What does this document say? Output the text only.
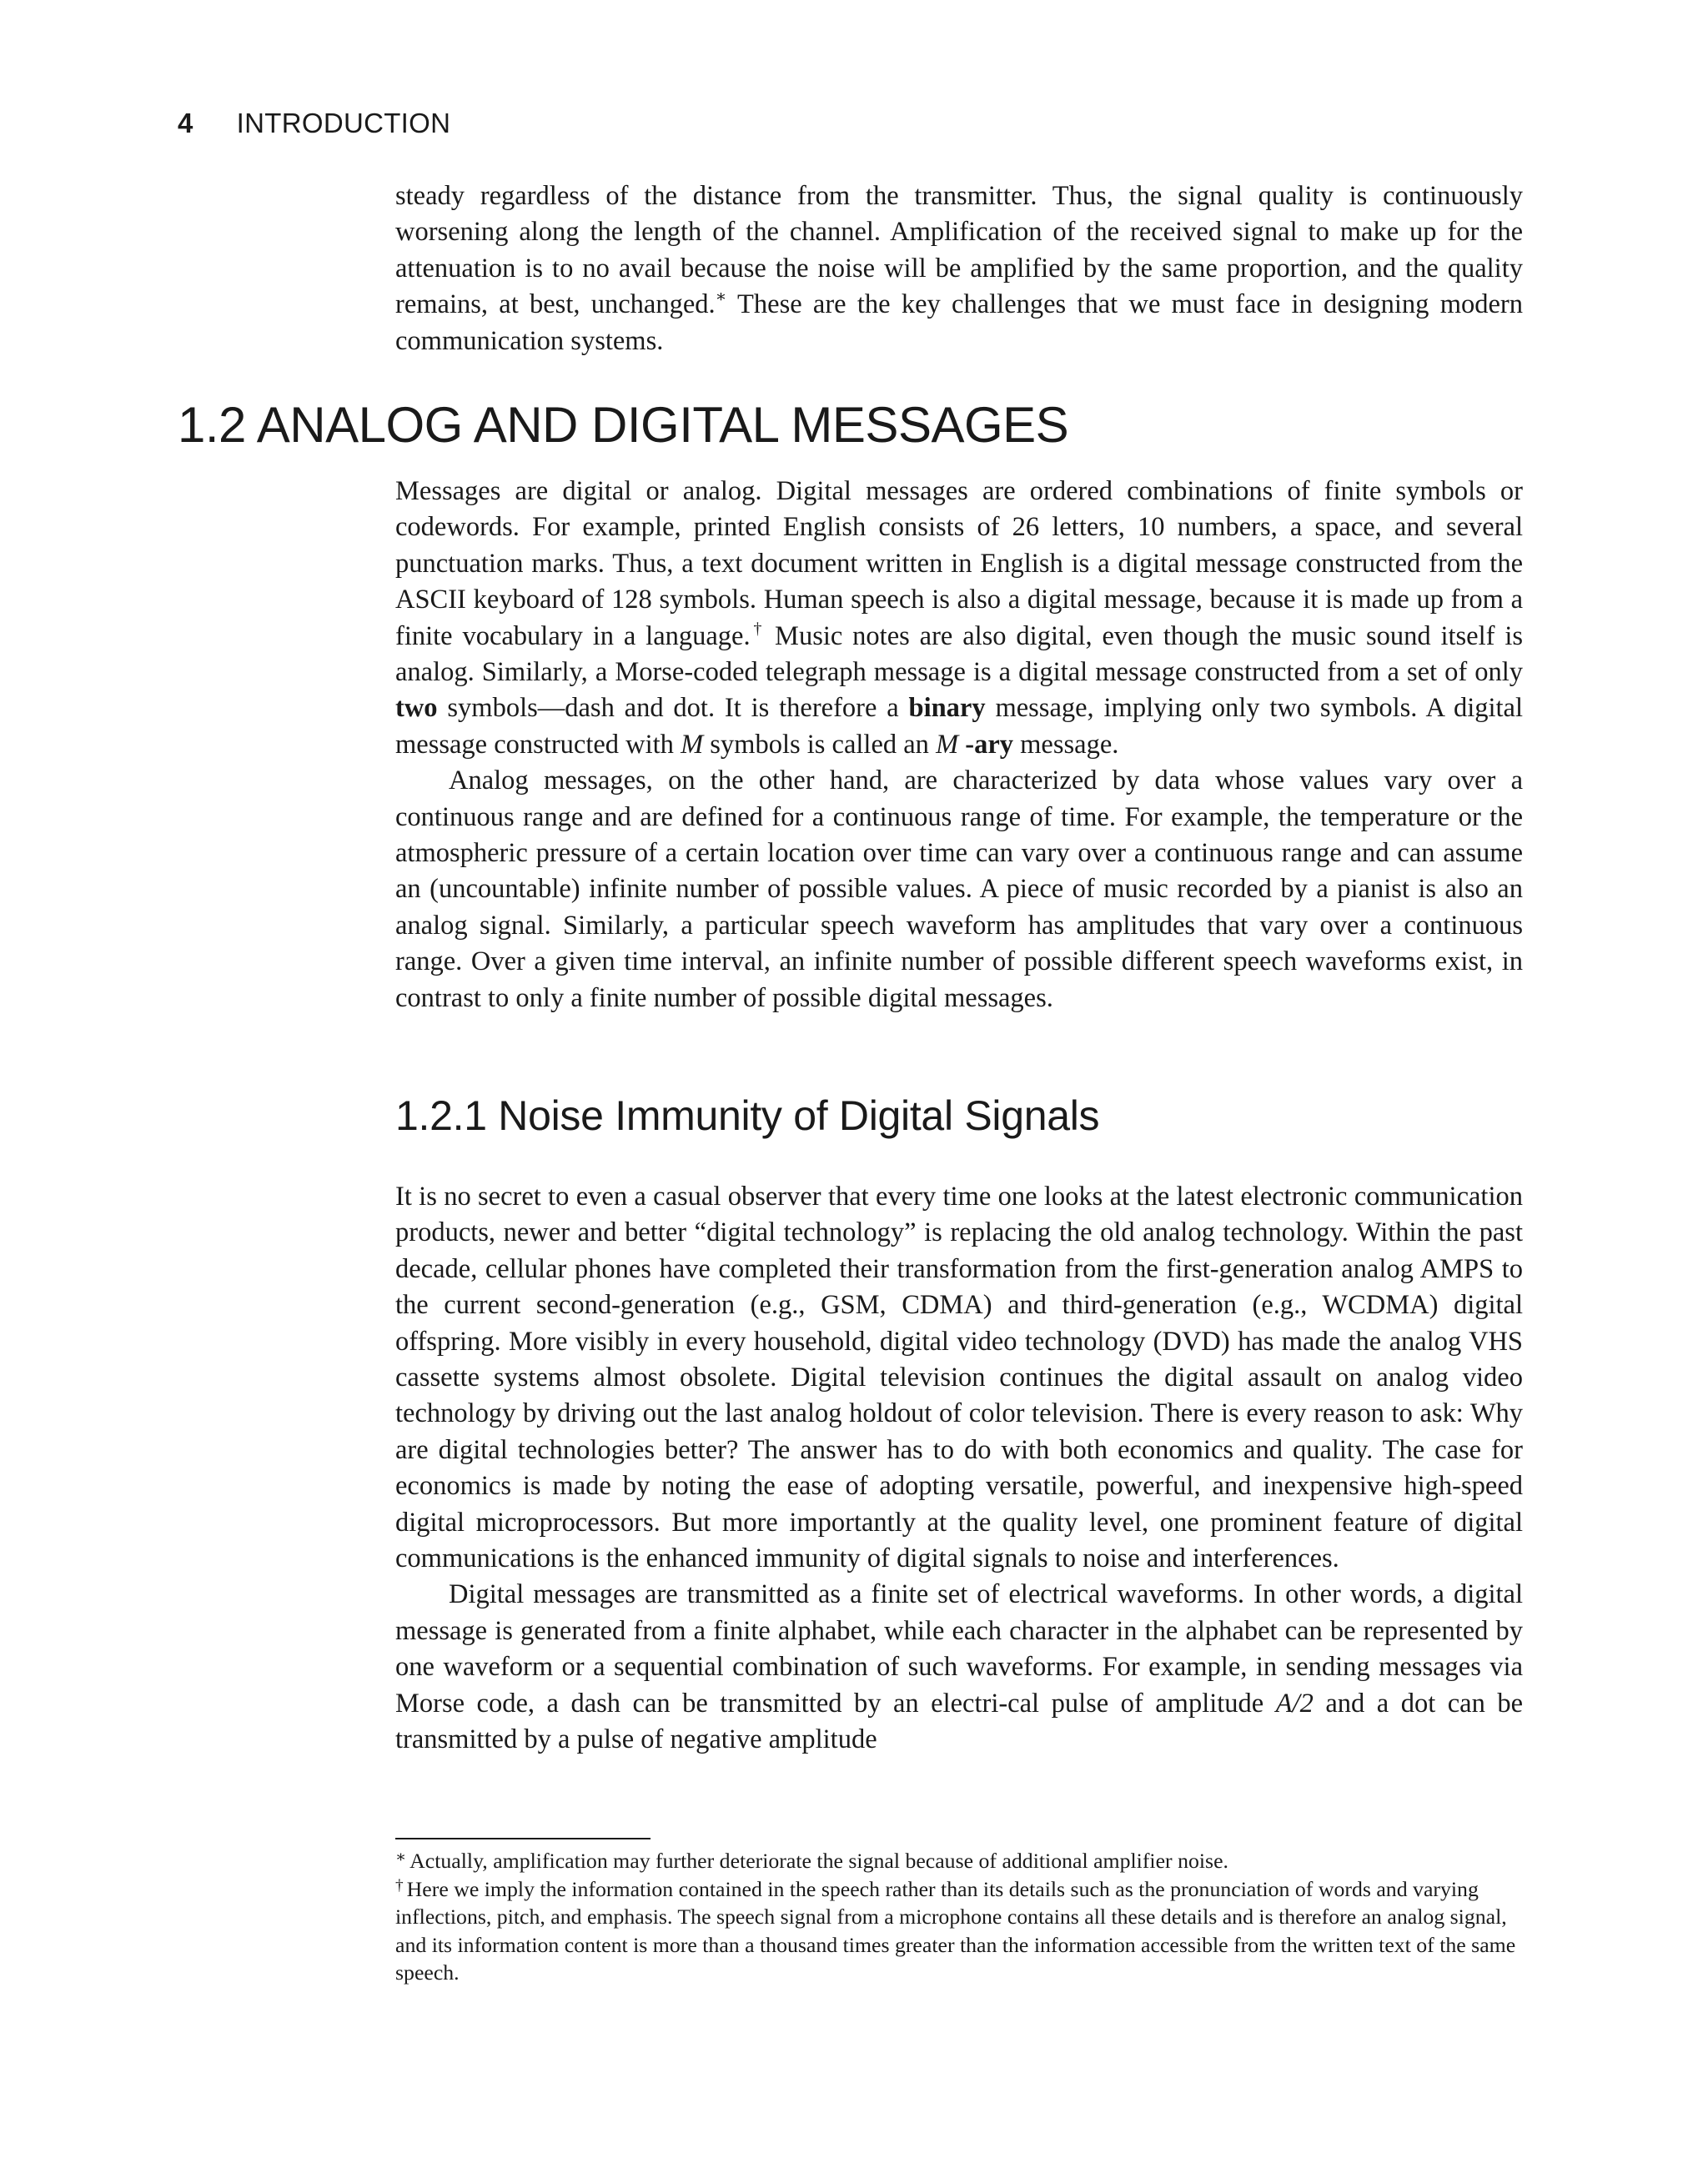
4 INTRODUCTION

steady regardless of the distance from the transmitter. Thus, the signal quality is continuously worsening along the length of the channel. Amplification of the received signal to make up for the attenuation is to no avail because the noise will be amplified by the same proportion, and the quality remains, at best, unchanged.∗ These are the key challenges that we must face in designing modern communication systems.

1.2 ANALOG AND DIGITAL MESSAGES

Messages are digital or analog. Digital messages are ordered combinations of finite symbols or codewords. For example, printed English consists of 26 letters, 10 numbers, a space, and several punctuation marks. Thus, a text document written in English is a digital message constructed from the ASCII keyboard of 128 symbols. Human speech is also a digital message, because it is made up from a finite vocabulary in a language.† Music notes are also digital, even though the music sound itself is analog. Similarly, a Morse-coded telegraph message is a digital message constructed from a set of only two symbols—dash and dot. It is therefore a binary message, implying only two symbols. A digital message constructed with M symbols is called an M -ary message.

Analog messages, on the other hand, are characterized by data whose values vary over a continuous range and are defined for a continuous range of time. For example, the temperature or the atmospheric pressure of a certain location over time can vary over a continuous range and can assume an (uncountable) infinite number of possible values. A piece of music recorded by a pianist is also an analog signal. Similarly, a particular speech waveform has amplitudes that vary over a continuous range. Over a given time interval, an infinite number of possible different speech waveforms exist, in contrast to only a finite number of possible digital messages.

1.2.1 Noise Immunity of Digital Signals

It is no secret to even a casual observer that every time one looks at the latest electronic communication products, newer and better “digital technology” is replacing the old analog technology. Within the past decade, cellular phones have completed their transformation from the first-generation analog AMPS to the current second-generation (e.g., GSM, CDMA) and third-generation (e.g., WCDMA) digital offspring. More visibly in every household, digital video technology (DVD) has made the analog VHS cassette systems almost obsolete. Digital television continues the digital assault on analog video technology by driving out the last analog holdout of color television. There is every reason to ask: Why are digital technologies better? The answer has to do with both economics and quality. The case for economics is made by noting the ease of adopting versatile, powerful, and inexpensive high-speed digital microprocessors. But more importantly at the quality level, one prominent feature of digital communications is the enhanced immunity of digital signals to noise and interferences.

Digital messages are transmitted as a finite set of electrical waveforms. In other words, a digital message is generated from a finite alphabet, while each character in the alphabet can be represented by one waveform or a sequential combination of such waveforms. For example, in sending messages via Morse code, a dash can be transmitted by an electri-cal pulse of amplitude A/2 and a dot can be transmitted by a pulse of negative amplitude

∗ Actually, amplification may further deteriorate the signal because of additional amplifier noise.

† Here we imply the information contained in the speech rather than its details such as the pronunciation of words and varying inflections, pitch, and emphasis. The speech signal from a microphone contains all these details and is therefore an analog signal, and its information content is more than a thousand times greater than the information accessible from the written text of the same speech.
